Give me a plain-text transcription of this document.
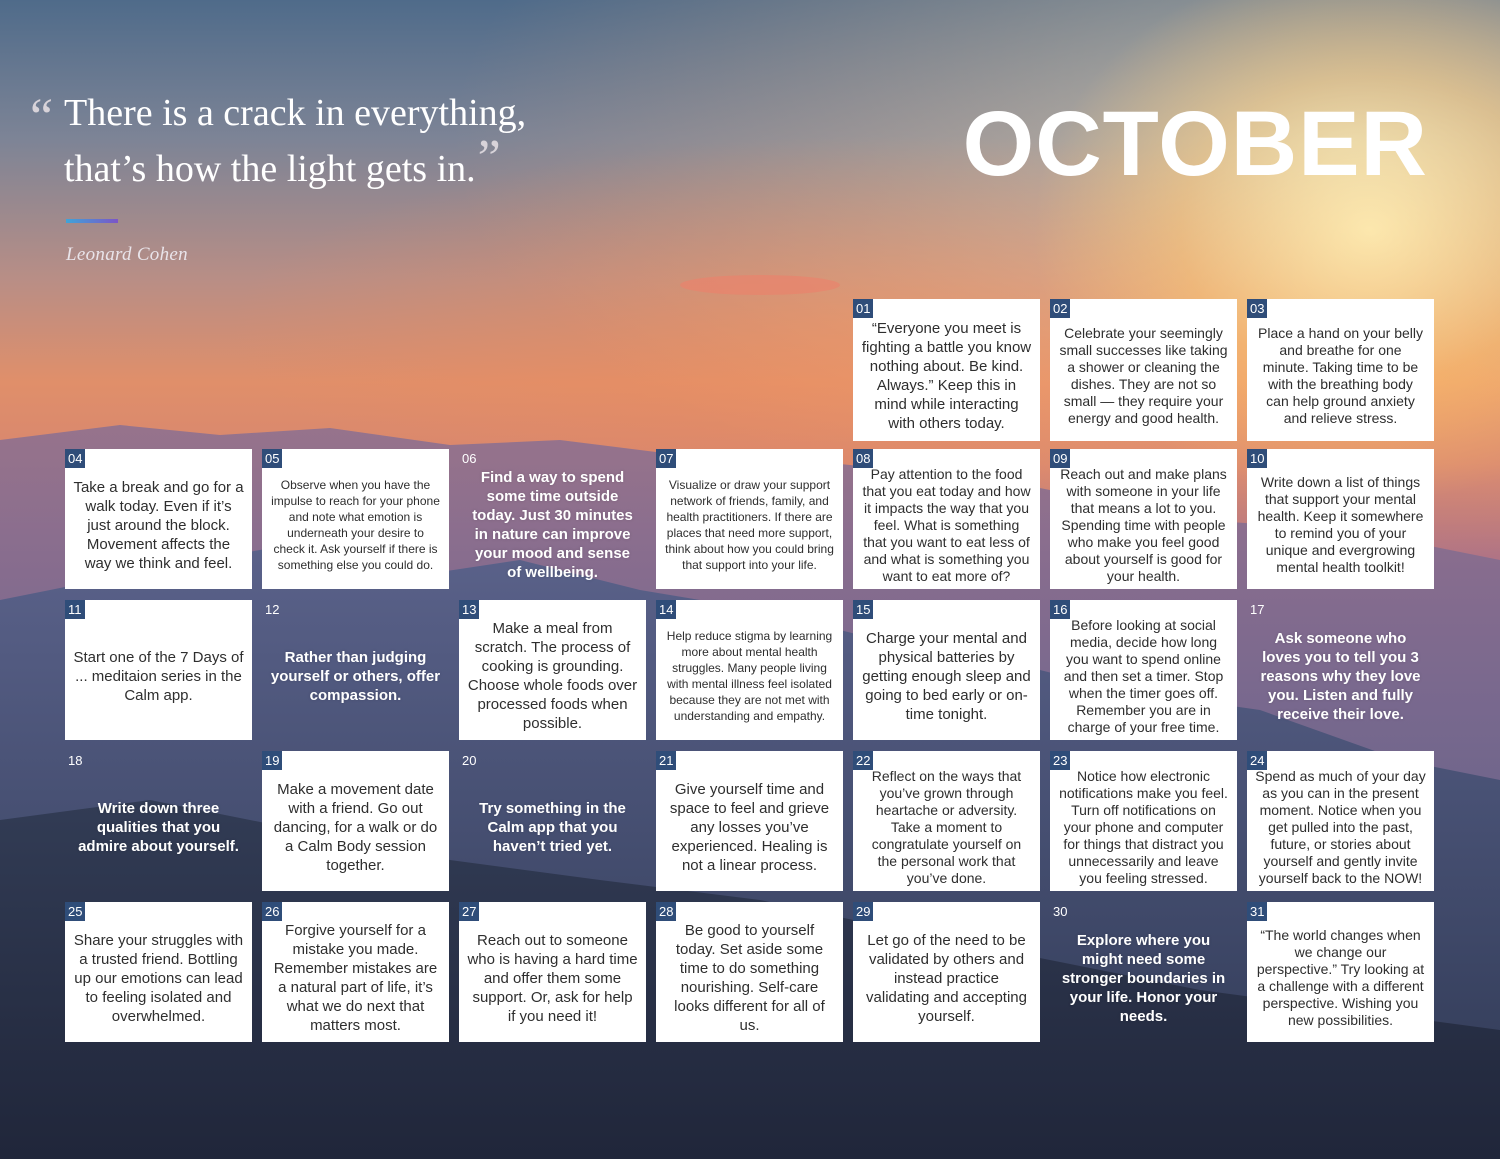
“ There is a crack in everything,
that’s how the light gets in.”

Leonard Cohen
OCTOBER
01
“Everyone you meet is fighting a battle you know nothing about. Be kind. Always.” Keep this in mind while interacting with others today.
02
Celebrate your seemingly small successes like taking a shower or cleaning the dishes. They are not so small — they require your energy and good health.
03
Place a hand on your belly and breathe for one minute. Taking time to be with the breathing body can help ground anxiety and relieve stress.
04
Take a break and go for a walk today. Even if it’s just around the block. Movement affects the way we think and feel.
05
Observe when you have the impulse to reach for your phone and note what emotion is underneath your desire to check it. Ask yourself if there is something else you could do.
06
Find a way to spend some time outside today. Just 30 minutes in nature can improve your mood and sense of wellbeing.
07
Visualize or draw your support network of friends, family, and health practitioners. If there are places that need more support, think about how you could bring that support into your life.
08
Pay attention to the food that you eat today and how it impacts the way that you feel. What is something that you want to eat less of and what is something you want to eat more of?
09
Reach out and make plans with someone in your life that means a lot to you. Spending time with people who make you feel good about yourself is good for your health.
10
Write down a list of things that support your mental health. Keep it somewhere to remind you of your unique and evergrowing mental health toolkit!
11
Start one of the 7 Days of ... meditaion series in the Calm app.
12
Rather than judging yourself or others, offer compassion.
13
Make a meal from scratch. The process of cooking is grounding. Choose whole foods over processed foods when possible.
14
Help reduce stigma by learning more about mental health struggles. Many people living with mental illness feel isolated because they are not met with understanding and empathy.
15
Charge your mental and physical batteries by getting enough sleep and going to bed early or on-time tonight.
16
Before looking at social media, decide how long you want to spend online and then set a timer. Stop when the timer goes off. Remember you are in charge of your free time.
17
Ask someone who loves you to tell you 3 reasons why they love you. Listen and fully receive their love.
18
Write down three qualities that you admire about yourself.
19
Make a movement date with a friend. Go out dancing, for a walk or do a Calm Body session together.
20
Try something in the Calm app that you haven’t tried yet.
21
Give yourself time and space to feel and grieve any losses you’ve experienced. Healing is not a linear process.
22
Reflect on the ways that you’ve grown through heartache or adversity. Take a moment to congratulate yourself on the personal work that you’ve done.
23
Notice how electronic notifications make you feel. Turn off notifications on your phone and computer for things that distract you unnecessarily and leave you feeling stressed.
24
Spend as much of your day as you can in the present moment. Notice when you get pulled into the past, future, or stories about yourself and gently invite yourself back to the NOW!
25
Share your struggles with a trusted friend. Bottling up our emotions can lead to feeling isolated and overwhelmed.
26
Forgive yourself for a mistake you made. Remember mistakes are a natural part of life, it’s what we do next that matters most.
27
Reach out to someone who is having a hard time and offer them some support. Or, ask for help if you need it!
28
Be good to yourself today. Set aside some time to do something nourishing. Self-care looks different for all of us.
29
Let go of the need to be validated by others and instead practice validating and accepting yourself.
30
Explore where you might need some stronger boundaries in your life. Honor your needs.
31
“The world changes when we change our perspective.” Try looking at a challenge with a different perspective. Wishing you new possibilities.
